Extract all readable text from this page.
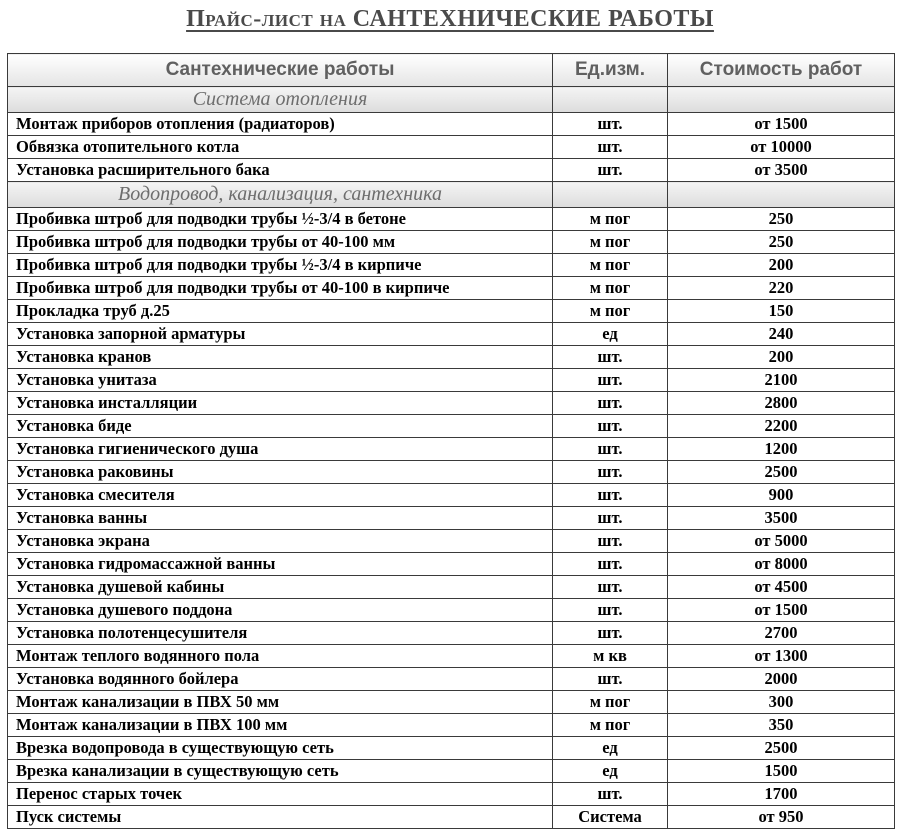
Прайс-лист на САНТЕХНИЧЕСКИЕ РАБОТЫ
Сантехнические работы	Ед.изм.	Стоимость работ
Система отопления		
Монтаж приборов отопления (радиаторов)	шт.	от 1500
Обвязка отопительного котла	шт.	от 10000
Установка расширительного бака	шт.	от 3500
Водопровод, канализация, сантехника		
Пробивка штроб для подводки трубы ½-3/4 в бетоне	м пог	250
Пробивка штроб для подводки трубы от 40-100 мм	м пог	250
Пробивка штроб для подводки трубы ½-3/4 в кирпиче	м пог	200
Пробивка штроб для подводки трубы от 40-100 в кирпиче	м пог	220
Прокладка труб д.25	м пог	150
Установка запорной арматуры	ед	240
Установка кранов	шт.	200
Установка унитаза	шт.	2100
Установка инсталляции	шт.	2800
Установка биде	шт.	2200
Установка гигиенического душа	шт.	1200
Установка раковины	шт.	2500
Установка смесителя	шт.	900
Установка ванны	шт.	3500
Установка экрана	шт.	от 5000
Установка гидромассажной ванны	шт.	от 8000
Установка душевой кабины	шт.	от 4500
Установка душевого поддона	шт.	от 1500
Установка полотенцесушителя	шт.	2700
Монтаж теплого водянного пола	м кв	от 1300
Установка водянного бойлера	шт.	2000
Монтаж канализации в ПВХ 50 мм	м пог	300
Монтаж канализации в ПВХ 100 мм	м пог	350
Врезка водопровода в существующую сеть	ед	2500
Врезка канализации в существующую сеть	ед	1500
Перенос старых точек	шт.	1700
Пуск системы	Система	от 950
